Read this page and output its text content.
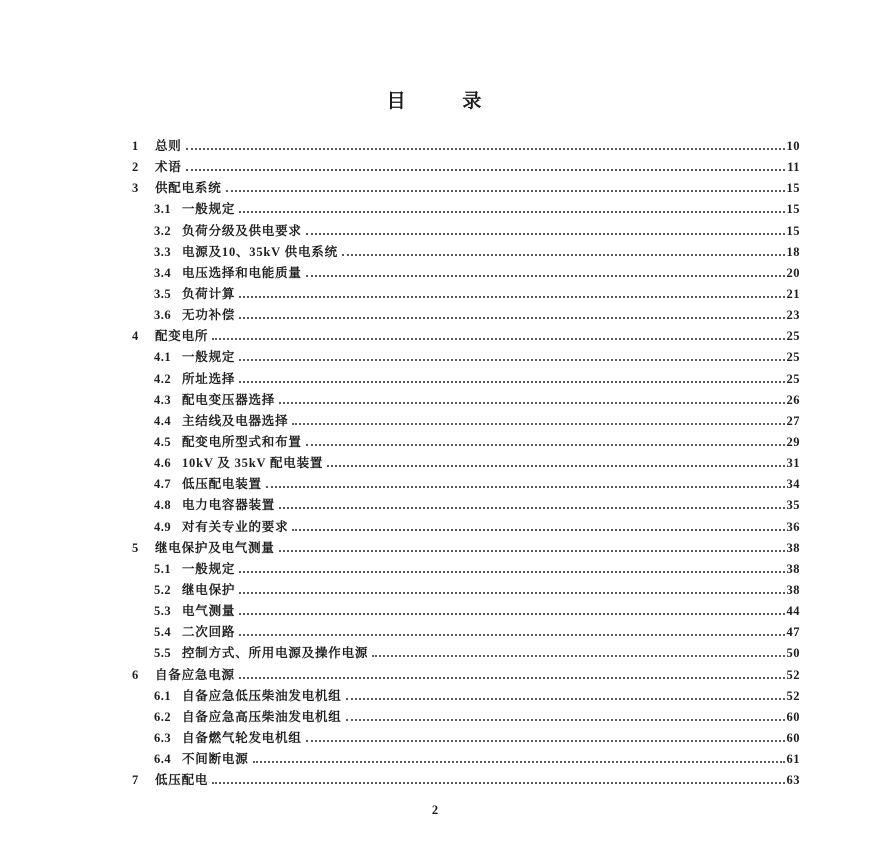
目 录
1	总则	10
2	术语	11
3	供配电系统	15
3.1 一般规定	15
3.2 负荷分级及供电要求	15
3.3 电源及10、35kV 供电系统	18
3.4 电压选择和电能质量	20
3.5 负荷计算	21
3.6 无功补偿	23
4	配变电所	25
4.1 一般规定	25
4.2 所址选择	25
4.3 配电变压器选择	26
4.4 主结线及电器选择	27
4.5 配变电所型式和布置	29
4.6 10kV 及 35kV 配电装置	31
4.7 低压配电装置	34
4.8 电力电容器装置	35
4.9 对有关专业的要求	36
5	继电保护及电气测量	38
5.1 一般规定	38
5.2 继电保护	38
5.3 电气测量	44
5.4 二次回路	47
5.5 控制方式、所用电源及操作电源	50
6	自备应急电源	52
6.1 自备应急低压柴油发电机组	52
6.2 自备应急高压柴油发电机组	60
6.3 自备燃气轮发电机组	60
6.4 不间断电源	61
7	低压配电	63
2
